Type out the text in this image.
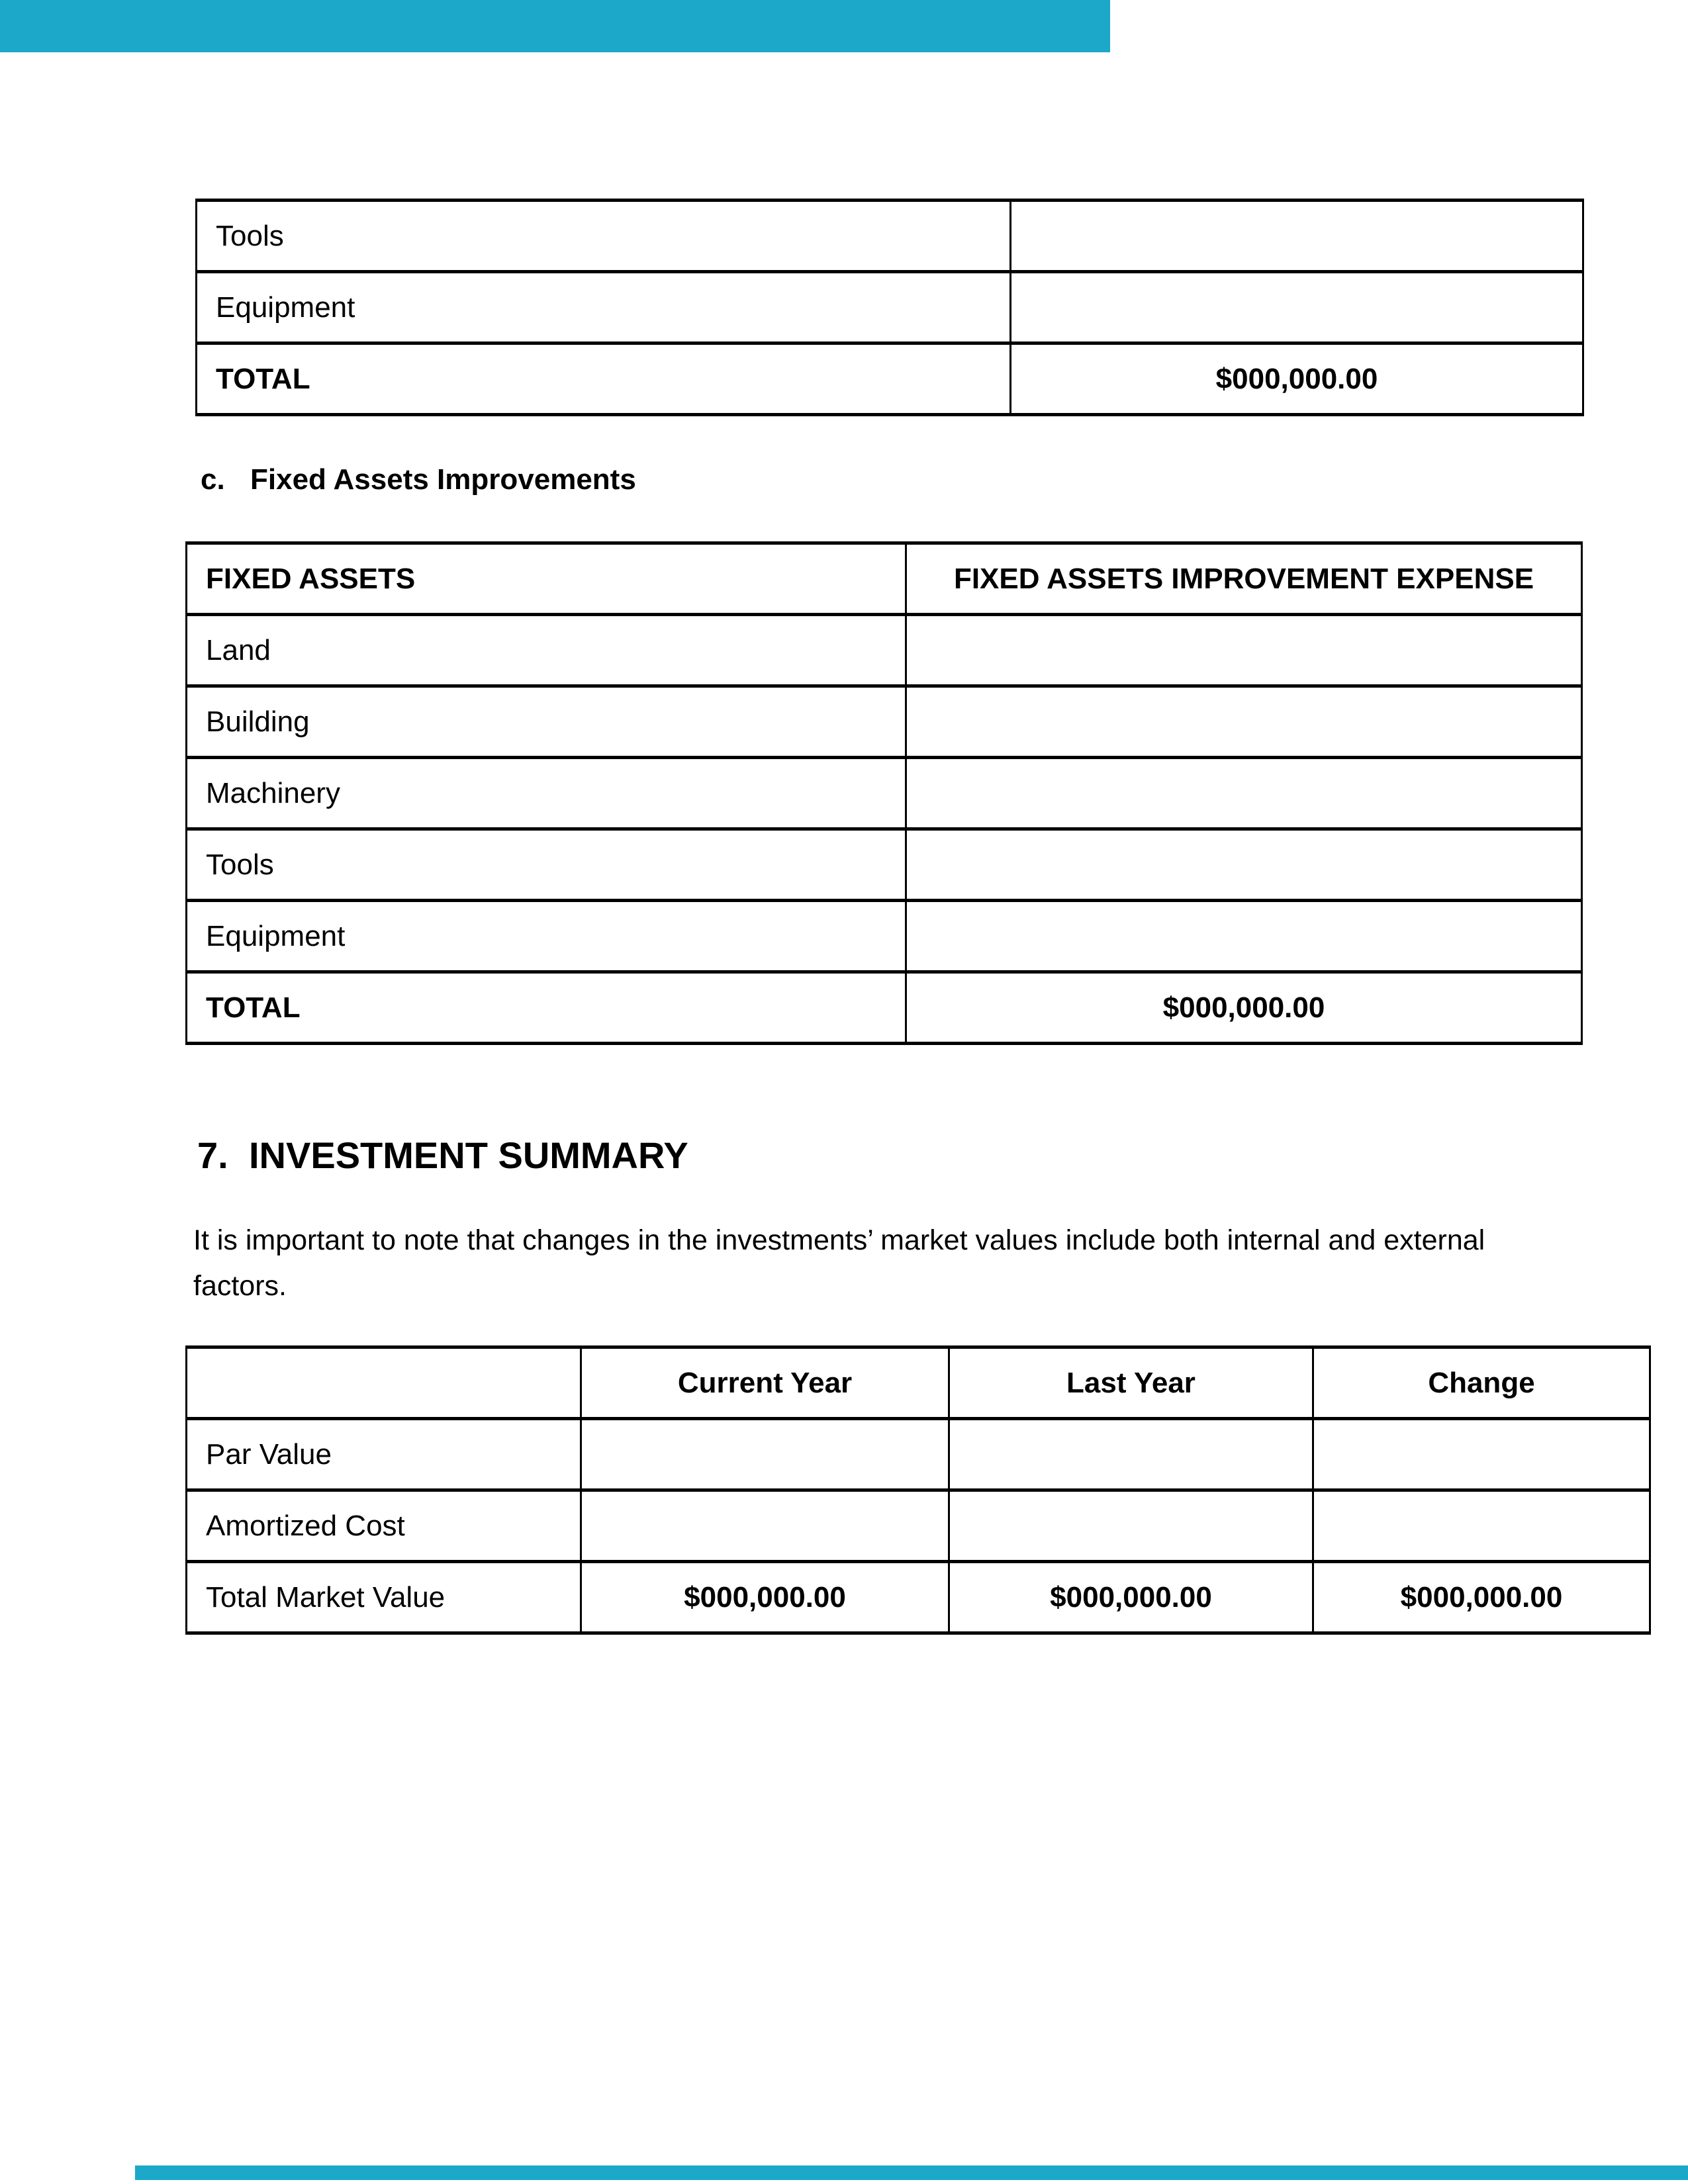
Tools	
Equipment	
TOTAL	$000,000.00
c. Fixed Assets Improvements
FIXED ASSETS	FIXED ASSETS IMPROVEMENT EXPENSE
Land	
Building	
Machinery	
Tools	
Equipment	
TOTAL	$000,000.00
7. INVESTMENT SUMMARY
It is important to note that changes in the investments’ market values include both internal and external factors.
	Current Year	Last Year	Change
Par Value			
Amortized Cost			
Total Market Value	$000,000.00	$000,000.00	$000,000.00
